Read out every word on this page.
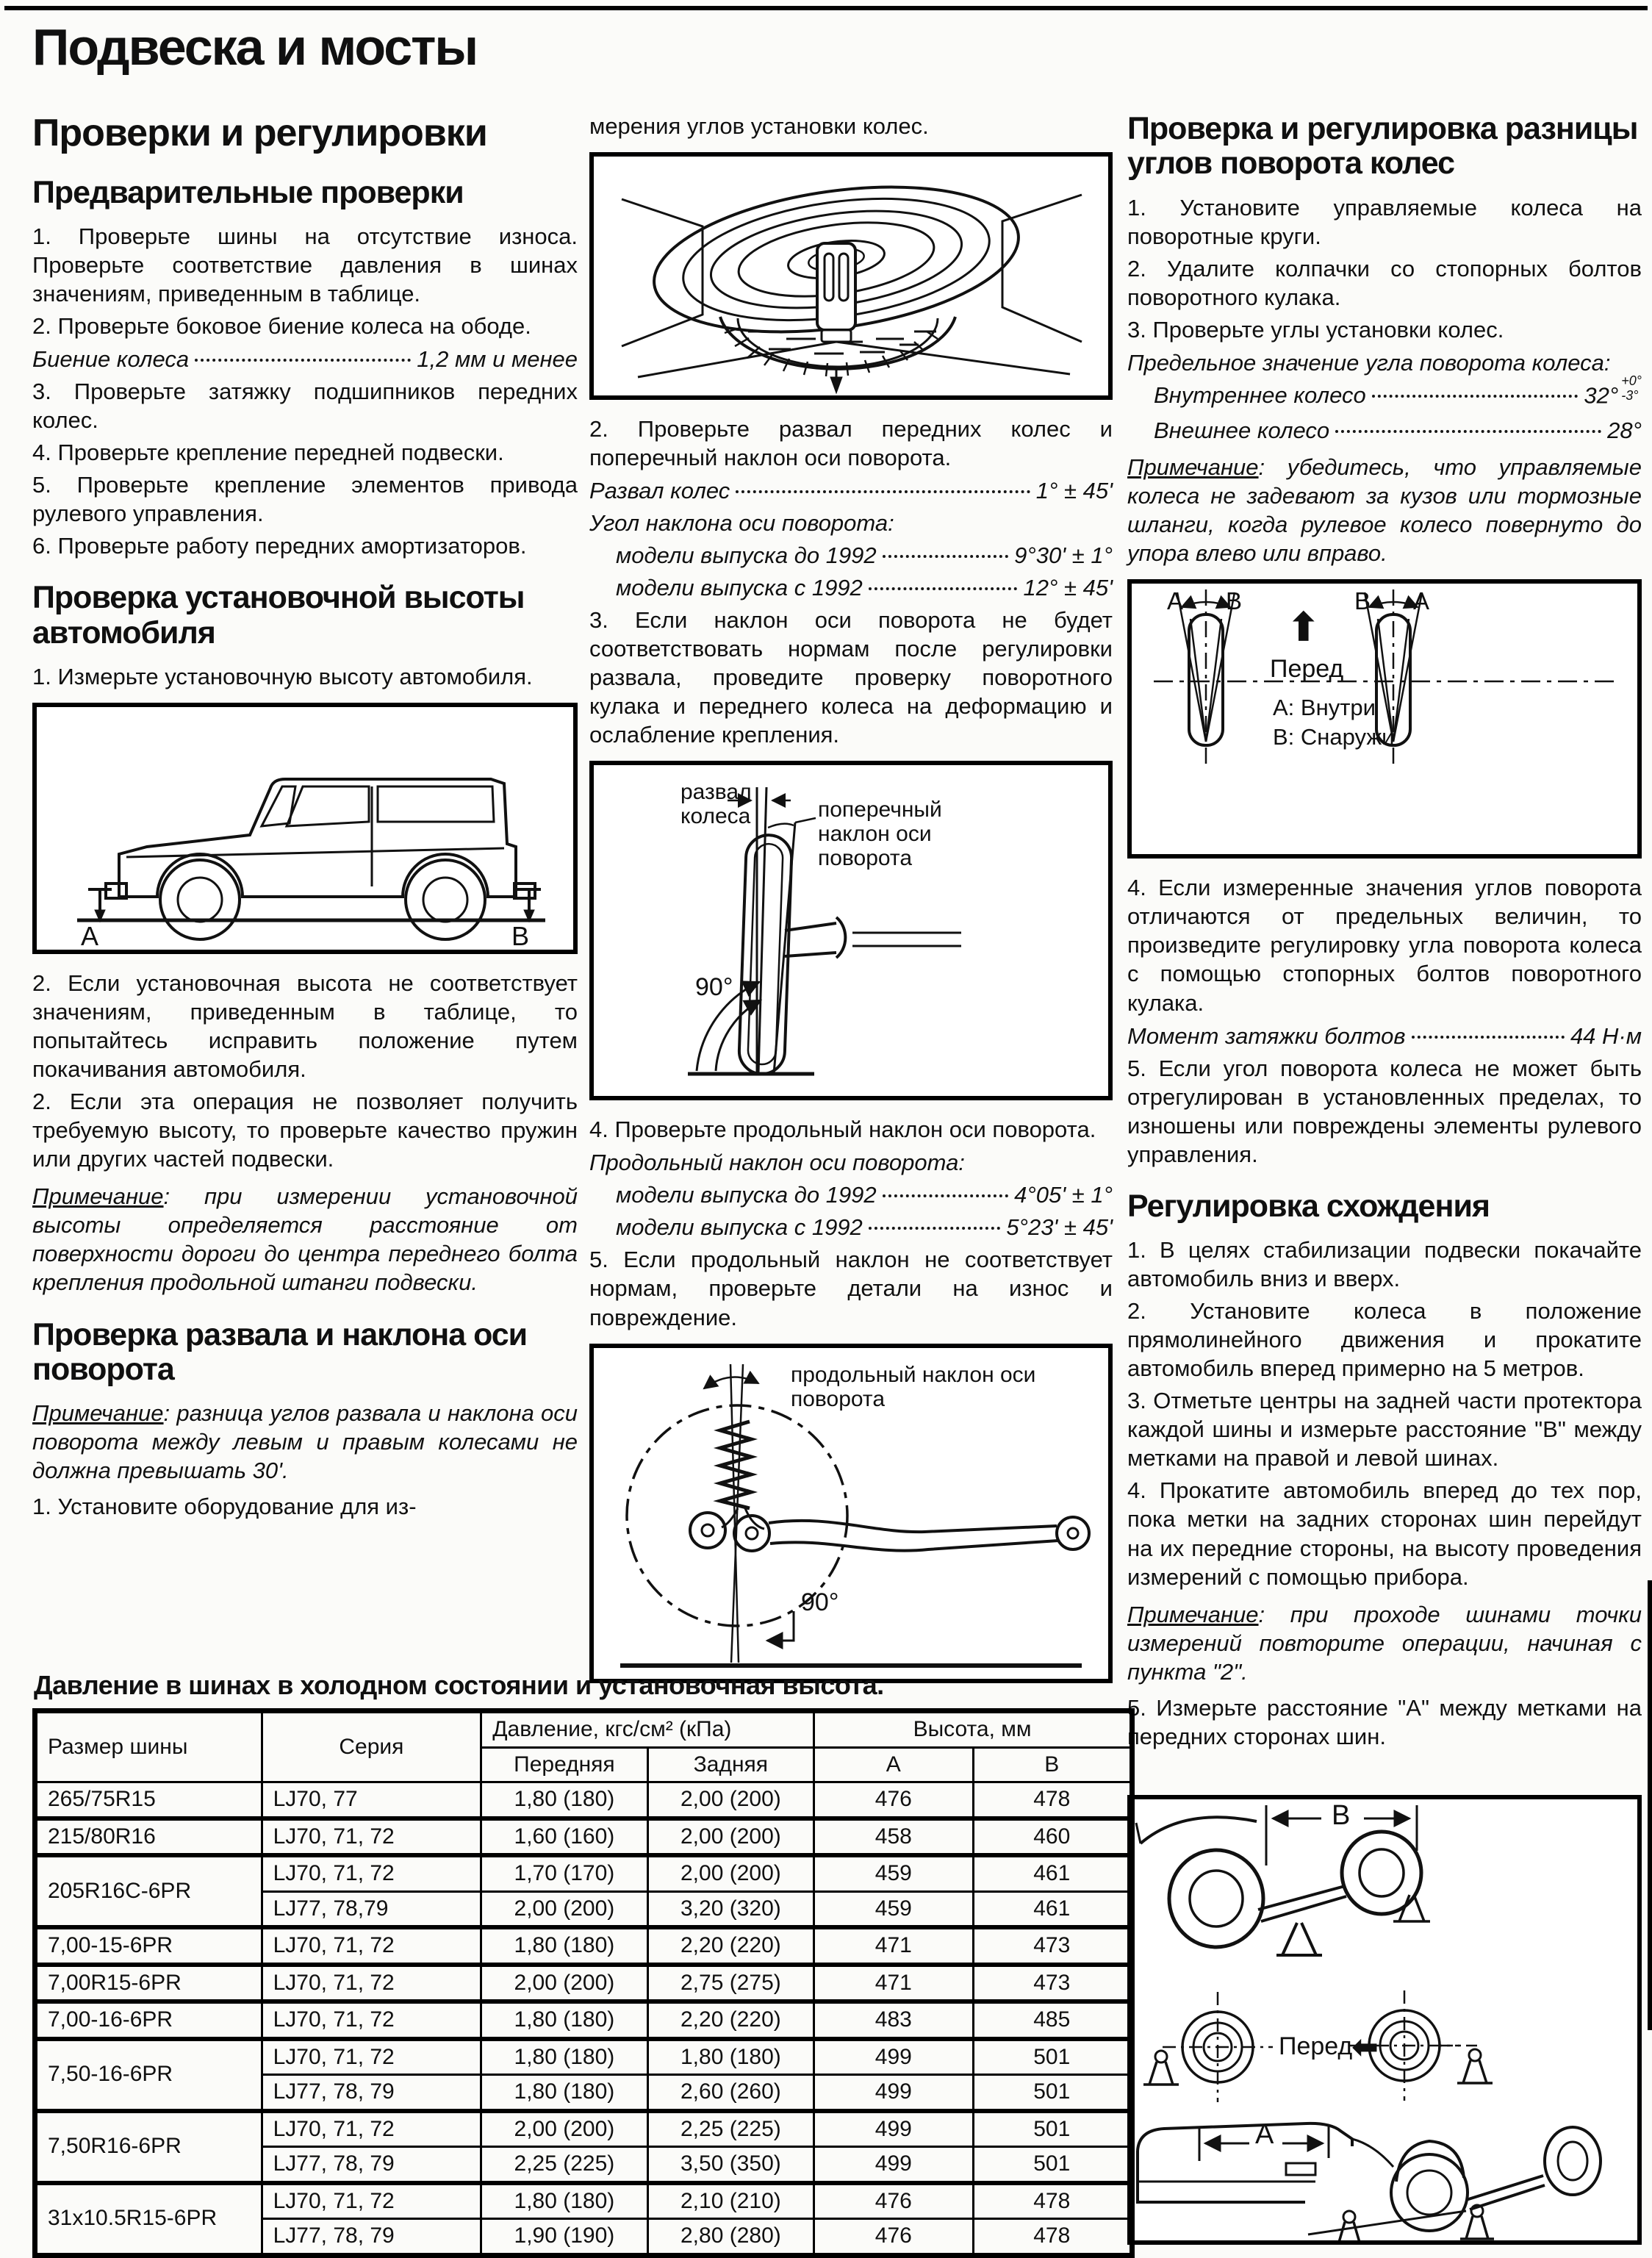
Подвеска и мосты
Проверки и регулировки
Предварительные проверки

1. Проверьте шины на отсутствие износа. Проверьте соответствие давления в шинах значениям, приведенным в таблице.

2. Проверьте боковое биение колеса на ободе.

Биение колеса	1,2 мм и менее

3. Проверьте затяжку подшипников передних колес.

4. Проверьте крепление передней подвески.

5. Проверьте крепление элементов привода рулевого управления.

6. Проверьте работу передних амортизаторов.

Проверка установочной высоты автомобиля

1. Измерьте установочную высоту автомобиля.

A	B

2. Если установочная высота не соответствует значениям, приведенным в таблице, то попытайтесь исправить положение путем покачивания автомобиля.

2. Если эта операция не позволяет получить требуемую высоту, то проверьте качество пружин или других частей подвески.

Примечание: при измерении установочной высоты определяется расстояние от поверхности дороги до центра переднего болта крепления продольной штанги подвески.

Проверка развала и наклона оси поворота

Примечание: разница углов развала и наклона оси поворота между левым и правым колесами не должна превышать 30'.

1. Установите оборудование для из-

мерения углов установки колес.

2. Проверьте развал передних колес и поперечный наклон оси поворота.

Развал колес	1° ± 45'
Угол наклона оси поворота:
модели выпуска до 1992	9°30' ± 1°
модели выпуска с 1992	12° ± 45'

3. Если наклон оси поворота не будет соответствовать нормам после регулировки развала, проведите проверку поворотного кулака и переднего колеса на деформацию и ослабление крепления.

развал колеса	поперечный наклон оси поворота
90°

4. Проверьте продольный наклон оси поворота.

Продольный наклон оси поворота:
модели выпуска до 1992	4°05' ± 1°
модели выпуска с 1992	5°23' ± 45'

5. Если продольный наклон не соответствует нормам, проверьте детали на износ и повреждение.

продольный наклон оси поворота
90°
Проверка и регулировка разницы углов поворота колес

1. Установите управляемые колеса на поворотные круги.

2. Удалите колпачки со стопорных болтов поворотного кулака.

3. Проверьте углы установки колес.

Предельное значение угла поворота колеса:
Внутреннее колесо	32°
+0°
-3°
Внешнее колесо	28°

Примечание: убедитесь, что управляемые колеса не задевают за кузов или тормозные шланги, когда рулевое колесо повернуто до упора влево или вправо.

A B	B A
⬆
Перед
A: Внутри
B: Снаружи

4. Если измеренные значения углов поворота отличаются от предельных величин, то произведите регулировку угла поворота колеса с помощью стопорных болтов поворотного кулака.

Момент затяжки болтов	44 Н·м

5. Если угол поворота колеса не может быть отрегулирован в установленных пределах, то изношены или повреждены элементы рулевого управления.

Регулировка схождения

1. В целях стабилизации подвески покачайте автомобиль вниз и вверх.

2. Установите колеса в положение прямолинейного движения и прокатите автомобиль вперед примерно на 5 метров.

3. Отметьте центры на задней части протектора каждой шины и измерьте расстояние "В" между метками на правой и левой шинах.

4. Прокатите автомобиль вперед до тех пор, пока метки на задних сторонах шин перейдут на их передние стороны, на высоту проведения измерений с помощью прибора.

Примечание: при проходе шинами точки измерений повторите операции, начиная с пункта "2".

5. Измерьте расстояние "А" между метками на передних сторонах шин.

B
Перед ⬅
A
Давление в шинах в холодном состоянии и установочная высота.
Размер шины	Серия	Давление, кгс/см² (кПа)		Высота, мм	
		Передняя	Задняя	А	В
265/75R15	LJ70, 77	1,80 (180)	2,00 (200)	476	478
215/80R16	LJ70, 71, 72	1,60 (160)	2,00 (200)	458	460
205R16C-6PR	LJ70, 71, 72	1,70 (170)	2,00 (200)	459	461
	LJ77, 78,79	2,00 (200)	3,20 (320)	459	461
7,00-15-6PR	LJ70, 71, 72	1,80 (180)	2,20 (220)	471	473
7,00R15-6PR	LJ70, 71, 72	2,00 (200)	2,75 (275)	471	473
7,00-16-6PR	LJ70, 71, 72	1,80 (180)	2,20 (220)	483	485
7,50-16-6PR	LJ70, 71, 72	1,80 (180)	1,80 (180)	499	501
	LJ77, 78, 79	1,80 (180)	2,60 (260)	499	501
7,50R16-6PR	LJ70, 71, 72	2,00 (200)	2,25 (225)	499	501
	LJ77, 78, 79	2,25 (225)	3,50 (350)	499	501
31x10.5R15-6PR	LJ70, 71, 72	1,80 (180)	2,10 (210)	476	478
	LJ77, 78, 79	1,90 (190)	2,80 (280)	476	478
